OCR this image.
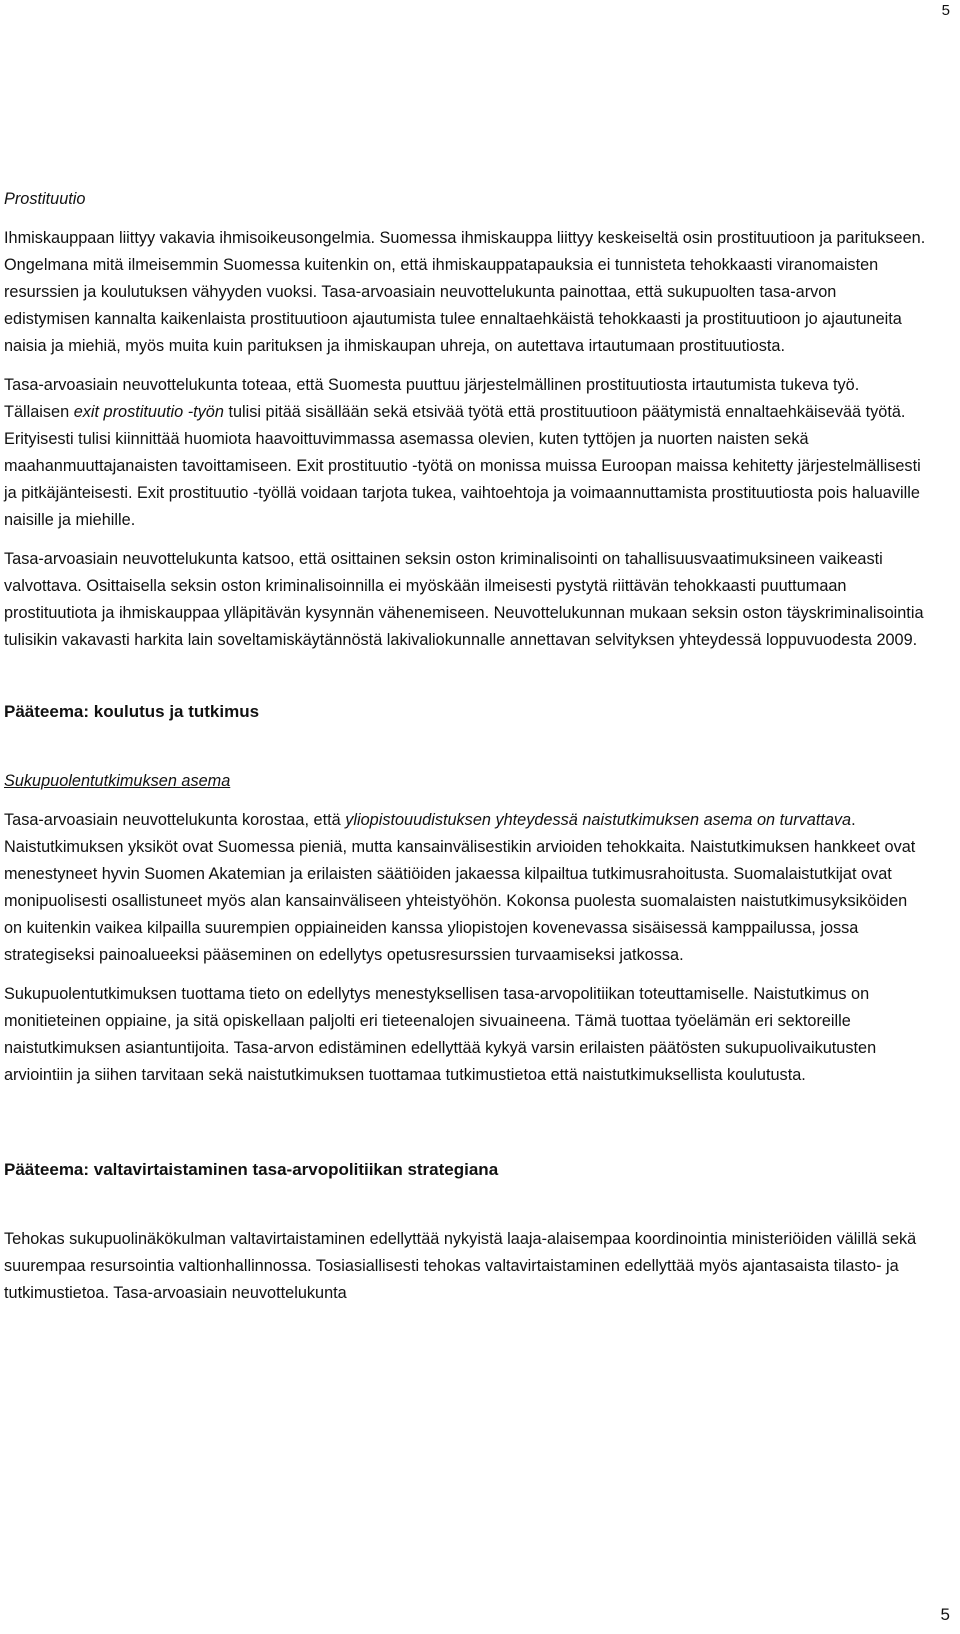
5

Prostituutio

Ihmiskauppaan liittyy vakavia ihmisoikeusongelmia. Suomessa ihmiskauppa liittyy keskeiseltä osin prostituutioon ja paritukseen. Ongelmana mitä ilmeisemmin Suomessa kuitenkin on, että ihmiskauppatapauksia ei tunnisteta tehokkaasti viranomaisten resurssien ja koulutuksen vähyyden vuoksi. Tasa-arvoasiain neuvottelukunta painottaa, että sukupuolten tasa-arvon edistymisen kannalta kaikenlaista prostituutioon ajautumista tulee ennaltaehkäistä tehokkaasti ja prostituutioon jo ajautuneita naisia ja miehiä, myös muita kuin parituksen ja ihmiskaupan uhreja, on autettava irtautumaan prostituutiosta.

Tasa-arvoasiain neuvottelukunta toteaa, että Suomesta puuttuu järjestelmällinen prostituutiosta irtautumista tukeva työ. Tällaisen exit prostituutio -työn tulisi pitää sisällään sekä etsivää työtä että prostituutioon päätymistä ennaltaehkäisevää työtä. Erityisesti tulisi kiinnittää huomiota haavoittuvimmassa asemassa olevien, kuten tyttöjen ja nuorten naisten sekä maahanmuuttajanaisten tavoittamiseen. Exit prostituutio -työtä on monissa muissa Euroopan maissa kehitetty järjestelmällisesti ja pitkäjänteisesti. Exit prostituutio -työllä voidaan tarjota tukea, vaihtoehtoja ja voimaannuttamista prostituutiosta pois haluaville naisille ja miehille.

Tasa-arvoasiain neuvottelukunta katsoo, että osittainen seksin oston kriminalisointi on tahallisuusvaatimuksineen vaikeasti valvottava. Osittaisella seksin oston kriminalisoinnilla ei myöskään ilmeisesti pystytä riittävän tehokkaasti puuttumaan prostituutiota ja ihmiskauppaa ylläpitävän kysynnän vähenemiseen. Neuvottelukunnan mukaan seksin oston täyskriminalisointia tulisikin vakavasti harkita lain soveltamiskäytännöstä lakivaliokunnalle annettavan selvityksen yhteydessä loppuvuodesta 2009.

Pääteema: koulutus ja tutkimus

Sukupuolentutkimuksen asema

Tasa-arvoasiain neuvottelukunta korostaa, että yliopistouudistuksen yhteydessä naistutkimuksen asema on turvattava. Naistutkimuksen yksiköt ovat Suomessa pieniä, mutta kansainvälisestikin arvioiden tehokkaita. Naistutkimuksen hankkeet ovat menestyneet hyvin Suomen Akatemian ja erilaisten säätiöiden jakaessa kilpailtua tutkimusrahoitusta. Suomalaistutkijat ovat monipuolisesti osallistuneet myös alan kansainväliseen yhteistyöhön. Kokonsa puolesta suomalaisten naistutkimusyksiköiden on kuitenkin vaikea kilpailla suurempien oppiaineiden kanssa yliopistojen kovenevassa sisäisessä kamppailussa, jossa strategiseksi painoalueeksi pääseminen on edellytys opetusresurssien turvaamiseksi jatkossa.

Sukupuolentutkimuksen tuottama tieto on edellytys menestyksellisen tasa-arvopolitiikan toteuttamiselle. Naistutkimus on monitieteinen oppiaine, ja sitä opiskellaan paljolti eri tieteenalojen sivuaineena. Tämä tuottaa työelämän eri sektoreille naistutkimuksen asiantuntijoita. Tasa-arvon edistäminen edellyttää kykyä varsin erilaisten päätösten sukupuolivaikutusten arviointiin ja siihen tarvitaan sekä naistutkimuksen tuottamaa tutkimustietoa että naistutkimuksellista koulutusta.

Pääteema: valtavirtaistaminen tasa-arvopolitiikan strategiana

Tehokas sukupuolinäkökulman valtavirtaistaminen edellyttää nykyistä laaja-alaisempaa koordinointia ministeriöiden välillä sekä suurempaa resursointia valtionhallinnossa. Tosiasiallisesti tehokas valtavirtaistaminen edellyttää myös ajantasaista tilasto- ja tutkimustietoa. Tasa-arvoasiain neuvottelukunta

5
